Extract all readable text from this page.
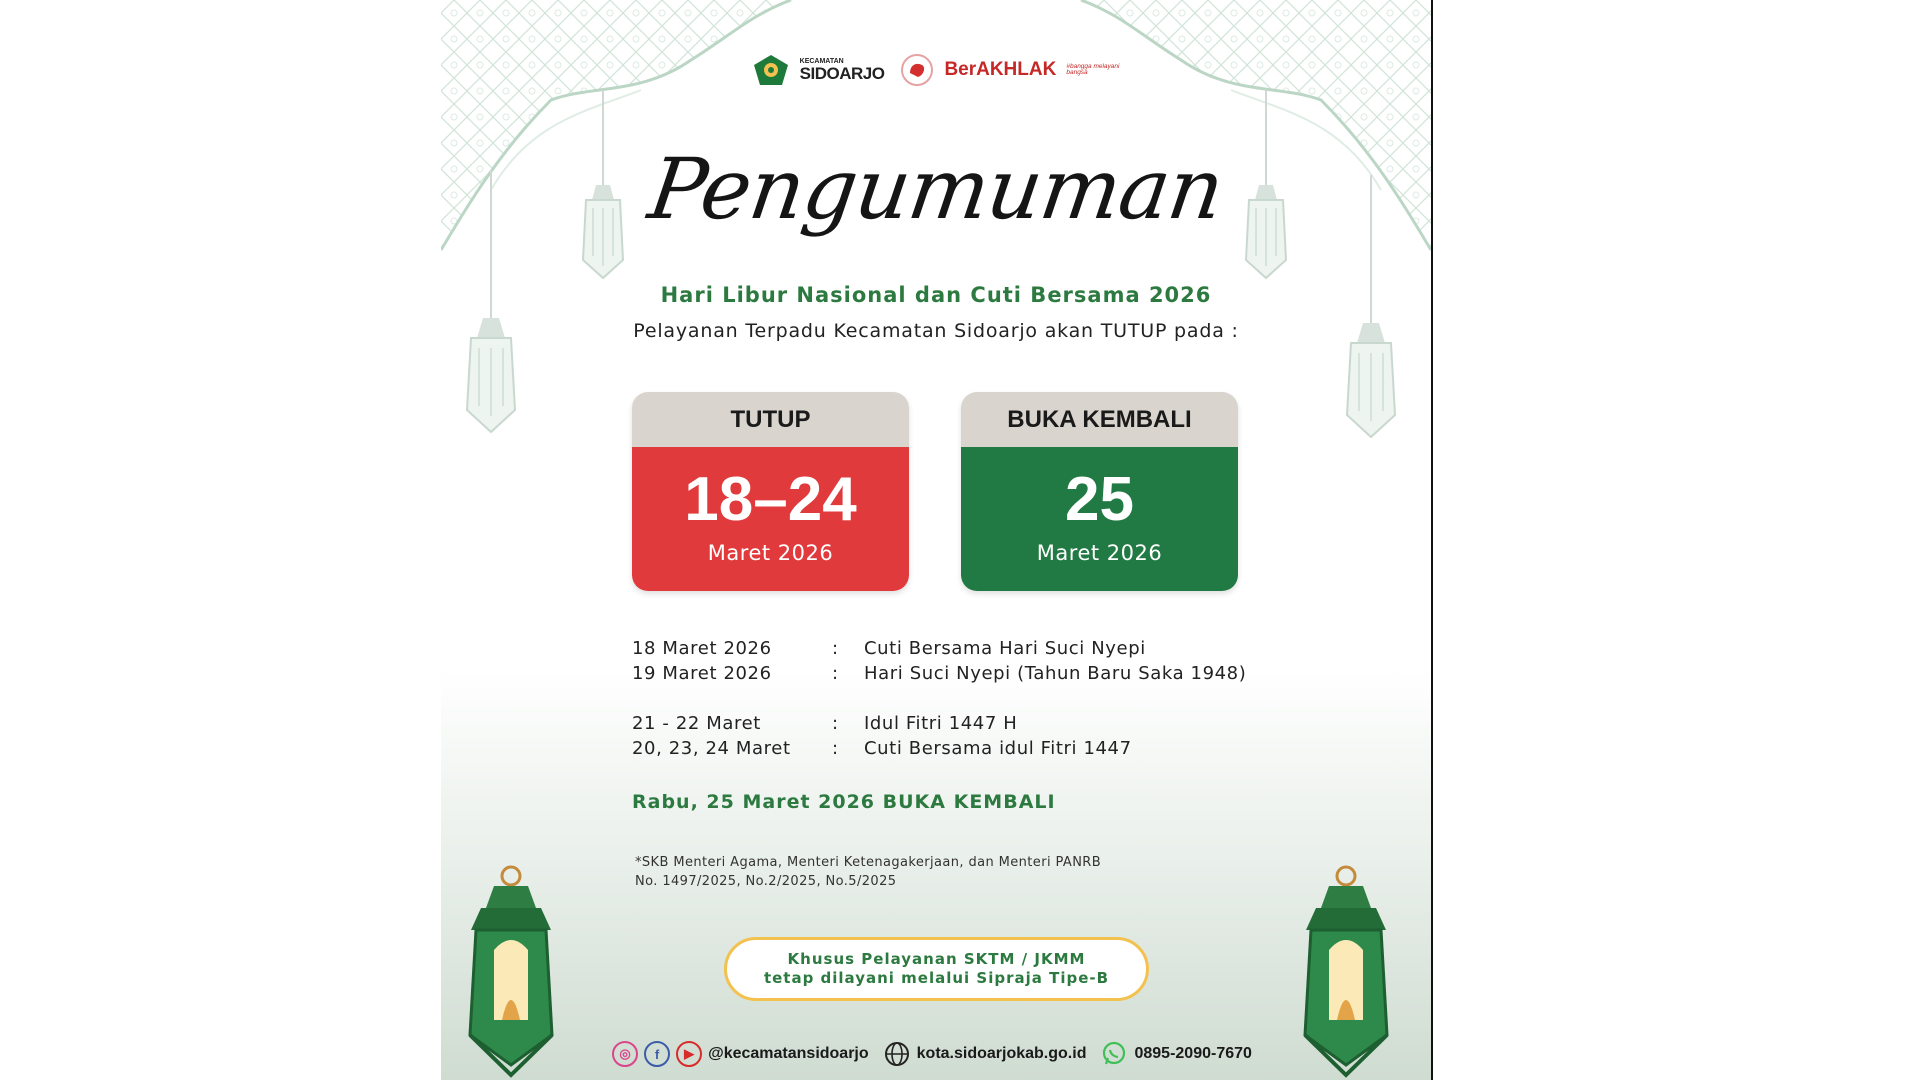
KECAMATAN
SIDOARJO	BerAKHLAK #bangga melayani bangsa
Pengumuman
Hari Libur Nasional dan Cuti Bersama 2026
Pelayanan Terpadu Kecamatan Sidoarjo akan TUTUP pada :
TUTUP
18–24
Maret 2026
BUKA KEMBALI
25
Maret 2026
18 Maret 2026	:	Cuti Bersama Hari Suci Nyepi
19 Maret 2026	:	Hari Suci Nyepi (Tahun Baru Saka 1948)
21 - 22 Maret	:	Idul Fitri 1447 H
20, 23, 24 Maret	:	Cuti Bersama idul Fitri 1447
Rabu, 25 Maret 2026 BUKA KEMBALI
*SKB Menteri Agama, Menteri Ketenagakerjaan, dan Menteri PANRB
No. 1497/2025, No.2/2025, No.5/2025
Khusus Pelayanan SKTM / JKMM
tetap dilayani melalui Sipraja Tipe-B
◎	f	▶ @kecamatansidoarjo	kota.sidoarjokab.go.id	0895-2090-7670
